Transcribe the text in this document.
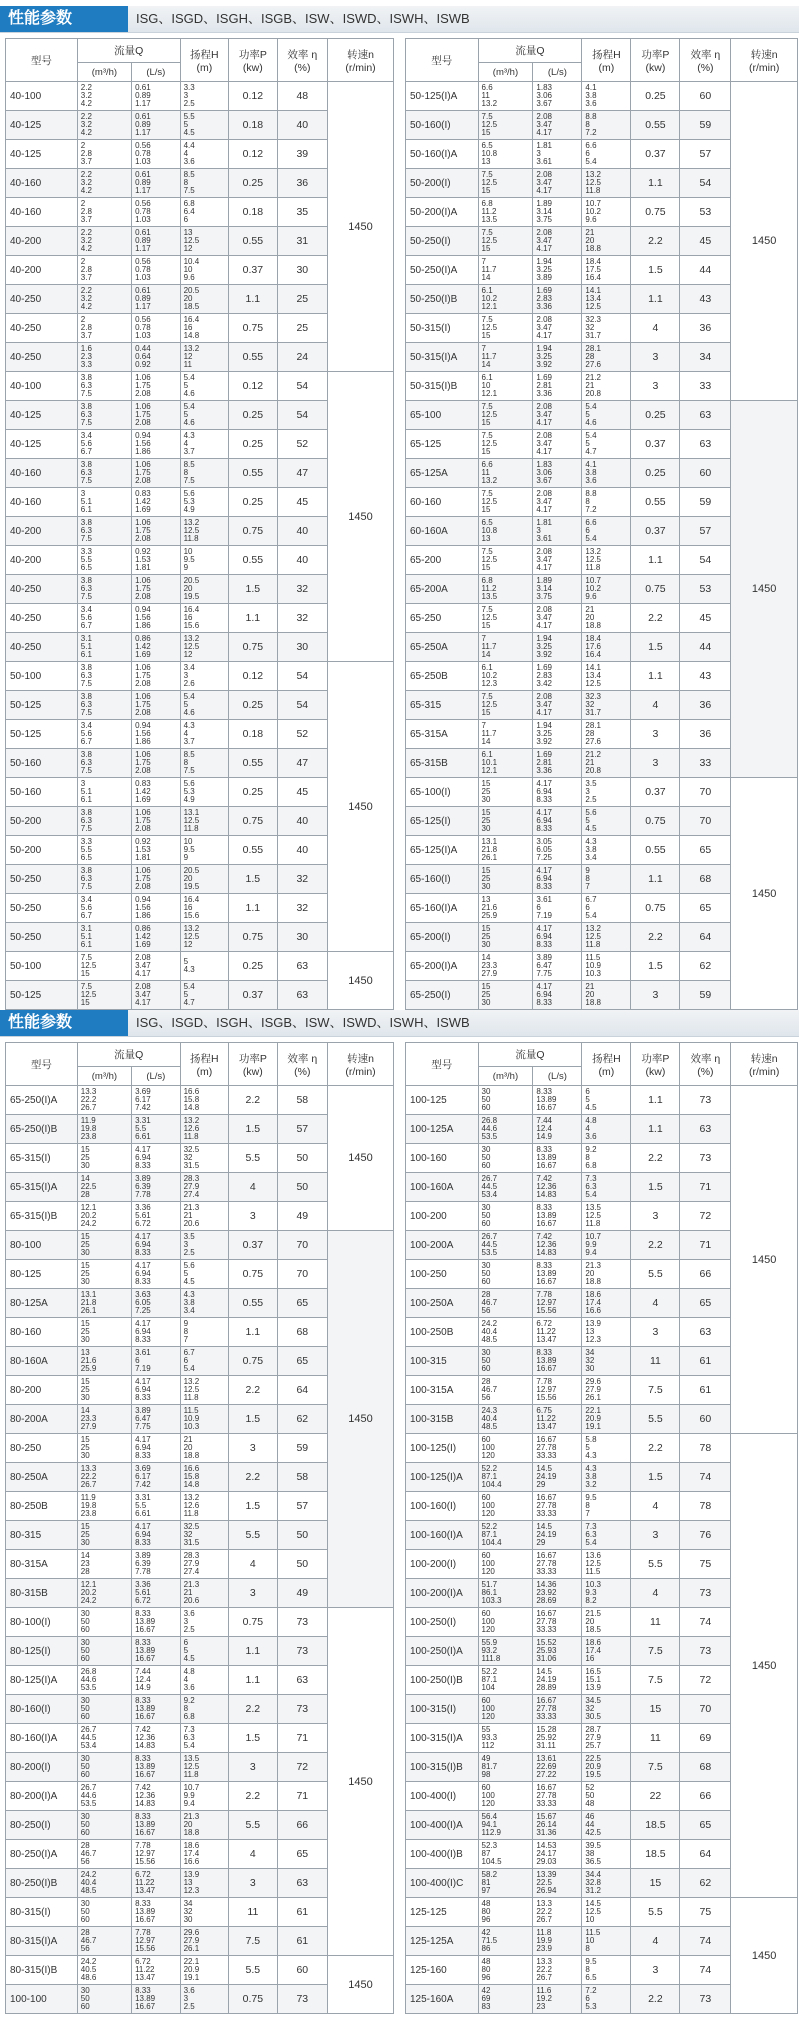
性能参数	ISG、ISGD、ISGH、ISGB、ISW、ISWD、ISWH、ISWB
型号	流量Q		扬程H
(m)	功率P
(kw)	效率 η
(%)	转速n
(r/min)
	(m³/h)	(L/s)				
40-100	2.2
3.2
4.2	0.61
0.89
1.17	3.3
3
2.5	0.12	48	1450
40-125	2.2
3.2
4.2	0.61
0.89
1.17	5.5
5
4.5	0.18	40	
40-125	2
2.8
3.7	0.56
0.78
1.03	4.4
4
3.6	0.12	39	
40-160	2.2
3.2
4.2	0.61
0.89
1.17	8.5
8
7.5	0.25	36	
40-160	2
2.8
3.7	0.56
0.78
1.03	6.8
6.4
6	0.18	35	
40-200	2.2
3.2
4.2	0.61
0.89
1.17	13
12.5
12	0.55	31	
40-200	2
2.8
3.7	0.56
0.78
1.03	10.4
10
9.6	0.37	30	
40-250	2.2
3.2
4.2	0.61
0.89
1.17	20.5
20
18.5	1.1	25	
40-250	2
2.8
3.7	0.56
0.78
1.03	16.4
16
14.8	0.75	25	
40-250	1.6
2.3
3.3	0.44
0.64
0.92	13.2
12
11	0.55	24	
40-100	3.8
6.3
7.5	1.06
1.75
2.08	5.4
5
4.6	0.12	54	1450
40-125	3.8
6.3
7.5	1.06
1.75
2.08	5.4
5
4.6	0.25	54	
40-125	3.4
5.6
6.7	0.94
1.56
1.86	4.3
4
3.7	0.25	52	
40-160	3.8
6.3
7.5	1.06
1.75
2.08	8.5
8
7.5	0.55	47	
40-160	3
5.1
6.1	0.83
1.42
1.69	5.6
5.3
4.9	0.25	45	
40-200	3.8
6.3
7.5	1.06
1.75
2.08	13.2
12.5
11.8	0.75	40	
40-200	3.3
5.5
6.5	0.92
1.53
1.81	10
9.5
9	0.55	40	
40-250	3.8
6.3
7.5	1.06
1.75
2.08	20.5
20
19.5	1.5	32	
40-250	3.4
5.6
6.7	0.94
1.56
1.86	16.4
16
15.6	1.1	32	
40-250	3.1
5.1
6.1	0.86
1.42
1.69	13.2
12.5
12	0.75	30	
50-100	3.8
6.3
7.5	1.06
1.75
2.08	3.4
3
2.6	0.12	54	1450
50-125	3.8
6.3
7.5	1.06
1.75
2.08	5.4
5
4.6	0.25	54	
50-125	3.4
5.6
6.7	0.94
1.56
1.86	4.3
4
3.7	0.18	52	
50-160	3.8
6.3
7.5	1.06
1.75
2.08	8.5
8
7.5	0.55	47	
50-160	3
5.1
6.1	0.83
1.42
1.69	5.6
5.3
4.9	0.25	45	
50-200	3.8
6.3
7.5	1.06
1.75
2.08	13.1
12.5
11.8	0.75	40	
50-200	3.3
5.5
6.5	0.92
1.53
1.81	10
9.5
9	0.55	40	
50-250	3.8
6.3
7.5	1.06
1.75
2.08	20.5
20
19.5	1.5	32	
50-250	3.4
5.6
6.7	0.94
1.56
1.86	16.4
16
15.6	1.1	32	
50-250	3.1
5.1
6.1	0.86
1.42
1.69	13.2
12.5
12	0.75	30	
50-100	7.5
12.5
15	2.08
3.47
4.17	5
4.3	0.25	63	1450
50-125	7.5
12.5
15	2.08
3.47
4.17	5.4
5
4.7	0.37	63	
型号	流量Q		扬程H
(m)	功率P
(kw)	效率 η
(%)	转速n
(r/min)
	(m³/h)	(L/s)				
50-125(I)A	6.6
11
13.2	1.83
3.06
3.67	4.1
3.8
3.6	0.25	60	1450
50-160(I)	7.5
12.5
15	2.08
3.47
4.17	8.8
8
7.2	0.55	59	
50-160(I)A	6.5
10.8
13	1.81
3
3.61	6.6
6
5.4	0.37	57	
50-200(I)	7.5
12.5
15	2.08
3.47
4.17	13.2
12.5
11.8	1.1	54	
50-200(I)A	6.8
11.2
13.5	1.89
3.14
3.75	10.7
10.2
9.6	0.75	53	
50-250(I)	7.5
12.5
15	2.08
3.47
4.17	21
20
18.8	2.2	45	
50-250(I)A	7
11.7
14	1.94
3.25
3.89	18.4
17.5
16.4	1.5	44	
50-250(I)B	6.1
10.2
12.1	1.69
2.83
3.36	14.1
13.4
12.5	1.1	43	
50-315(I)	7.5
12.5
15	2.08
3.47
4.17	32.3
32
31.7	4	36	
50-315(I)A	7
11.7
14	1.94
3.25
3.92	28.1
28
27.6	3	34	
50-315(I)B	6.1
10
12.1	1.69
2.81
3.36	21.2
21
20.8	3	33	
65-100	7.5
12.5
15	2.08
3.47
4.17	5.4
5
4.6	0.25	63	1450
65-125	7.5
12.5
15	2.08
3.47
4.17	5.4
5
4.7	0.37	63	
65-125A	6.6
11
13.2	1.83
3.06
3.67	4.1
3.8
3.6	0.25	60	
60-160	7.5
12.5
15	2.08
3.47
4.17	8.8
8
7.2	0.55	59	
60-160A	6.5
10.8
13	1.81
3
3.61	6.6
6
5.4	0.37	57	
65-200	7.5
12.5
15	2.08
3.47
4.17	13.2
12.5
11.8	1.1	54	
65-200A	6.8
11.2
13.5	1.89
3.14
3.75	10.7
10.2
9.6	0.75	53	
65-250	7.5
12.5
15	2.08
3.47
4.17	21
20
18.8	2.2	45	
65-250A	7
11.7
14	1.94
3.25
3.92	18.4
17.6
16.4	1.5	44	
65-250B	6.1
10.2
12.3	1.69
2.83
3.42	14.1
13.4
12.5	1.1	43	
65-315	7.5
12.5
15	2.08
3.47
4.17	32.3
32
31.7	4	36	
65-315A	7
11.7
14	1.94
3.25
3.92	28.1
28
27.6	3	36	
65-315B	6.1
10.1
12.1	1.69
2.81
3.36	21.2
21
20.8	3	33	
65-100(I)	15
25
30	4.17
6.94
8.33	3.5
3
2.5	0.37	70	1450
65-125(I)	15
25
30	4.17
6.94
8.33	5.6
5
4.5	0.75	70	
65-125(I)A	13.1
21.8
26.1	3.05
6.05
7.25	4.3
3.8
3.4	0.55	65	
65-160(I)	15
25
30	4.17
6.94
8.33	9
8
7	1.1	68	
65-160(I)A	13
21.6
25.9	3.61
6
7.19	6.7
6
5.4	0.75	65	
65-200(I)	15
25
30	4.17
6.94
8.33	13.2
12.5
11.8	2.2	64	
65-200(I)A	14
23.3
27.9	3.89
6.47
7.75	11.5
10.9
10.3	1.5	62	
65-250(I)	15
25
30	4.17
6.94
8.33	21
20
18.8	3	59	
性能参数	ISG、ISGD、ISGH、ISGB、ISW、ISWD、ISWH、ISWB
型号	流量Q		扬程H
(m)	功率P
(kw)	效率 η
(%)	转速n
(r/min)
	(m³/h)	(L/s)				
65-250(I)A	13.3
22.2
26.7	3.69
6.17
7.42	16.6
15.8
14.8	2.2	58	1450
65-250(I)B	11.9
19.8
23.8	3.31
5.5
6.61	13.2
12.6
11.8	1.5	57	
65-315(I)	15
25
30	4.17
6.94
8.33	32.5
32
31.5	5.5	50	
65-315(I)A	14
22.5
28	3.89
6.39
7.78	28.3
27.9
27.4	4	50	
65-315(I)B	12.1
20.2
24.2	3.36
5.61
6.72	21.3
21
20.6	3	49	
80-100	15
25
30	4.17
6.94
8.33	3.5
3
2.5	0.37	70	1450
80-125	15
25
30	4.17
6.94
8.33	5.6
5
4.5	0.75	70	
80-125A	13.1
21.8
26.1	3.63
6.05
7.25	4.3
3.8
3.4	0.55	65	
80-160	15
25
30	4.17
6.94
8.33	9
8
7	1.1	68	
80-160A	13
21.6
25.9	3.61
6
7.19	6.7
6
5.4	0.75	65	
80-200	15
25
30	4.17
6.94
8.33	13.2
12.5
11.8	2.2	64	
80-200A	14
23.3
27.9	3.89
6.47
7.75	11.5
10.9
10.3	1.5	62	
80-250	15
25
30	4.17
6.94
8.33	21
20
18.8	3	59	
80-250A	13.3
22.2
26.7	3.69
6.17
7.42	16.6
15.8
14.8	2.2	58	
80-250B	11.9
19.8
23.8	3.31
5.5
6.61	13.2
12.6
11.8	1.5	57	
80-315	15
25
30	4.17
6.94
8.33	32.5
32
31.5	5.5	50	
80-315A	14
23
28	3.89
6.39
7.78	28.3
27.9
27.4	4	50	
80-315B	12.1
20.2
24.2	3.36
5.61
6.72	21.3
21
20.6	3	49	
80-100(I)	30
50
60	8.33
13.89
16.67	3.6
3
2.5	0.75	73	1450
80-125(I)	30
50
60	8.33
13.89
16.67	6
5
4.5	1.1	73	
80-125(I)A	26.8
44.6
53.5	7.44
12.4
14.9	4.8
4
3.6	1.1	63	
80-160(I)	30
50
60	8.33
13.89
16.67	9.2
8
6.8	2.2	73	
80-160(I)A	26.7
44.5
53.4	7.42
12.36
14.83	7.3
6.3
5.4	1.5	71	
80-200(I)	30
50
60	8.33
13.89
16.67	13.5
12.5
11.8	3	72	
80-200(I)A	26.7
44.6
53.5	7.42
12.36
14.83	10.7
9.9
9.4	2.2	71	
80-250(I)	30
50
60	8.33
13.89
16.67	21.3
20
18.8	5.5	66	
80-250(I)A	28
46.7
56	7.78
12.97
15.56	18.6
17.4
16.6	4	65	
80-250(I)B	24.2
40.4
48.5	6.72
11.22
13.47	13.9
13
12.3	3	63	
80-315(I)	30
50
60	8.33
13.89
16.67	34
32
30	11	61	
80-315(I)A	28
46.7
56	7.78
12.97
15.56	29.6
27.9
26.1	7.5	61	
80-315(I)B	24.2
40.5
48.6	6.72
11.22
13.47	22.1
20.9
19.1	5.5	60	1450
100-100	30
50
60	8.33
13.89
16.67	3.6
3
2.5	0.75	73	
型号	流量Q		扬程H
(m)	功率P
(kw)	效率 η
(%)	转速n
(r/min)
	(m³/h)	(L/s)				
100-125	30
50
60	8.33
13.89
16.67	6
5
4.5	1.1	73	1450
100-125A	26.8
44.6
53.5	7.44
12.4
14.9	4.8
4
3.6	1.1	63	
100-160	30
50
60	8.33
13.89
16.67	9.2
8
6.8	2.2	73	
100-160A	26.7
44.5
53.4	7.42
12.36
14.83	7.3
6.3
5.4	1.5	71	
100-200	30
50
60	8.33
13.89
16.67	13.5
12.5
11.8	3	72	
100-200A	26.7
44.5
53.5	7.42
12.36
14.83	10.7
9.9
9.4	2.2	71	
100-250	30
50
60	8.33
13.89
16.67	21.3
20
18.8	5.5	66	
100-250A	28
46.7
56	7.78
12.97
15.56	18.6
17.4
16.6	4	65	
100-250B	24.2
40.4
48.5	6.72
11.22
13.47	13.9
13
12.3	3	63	
100-315	30
50
60	8.33
13.89
16.67	34
32
30	11	61	
100-315A	28
46.7
56	7.78
12.97
15.56	29.6
27.9
26.1	7.5	61	
100-315B	24.3
40.4
48.5	6.75
11.22
13.47	22.1
20.9
19.1	5.5	60	
100-125(I)	60
100
120	16.67
27.78
33.33	5.8
5
4.3	2.2	78	1450
100-125(I)A	52.2
87.1
104.4	14.5
24.19
29	4.3
3.8
3.2	1.5	74	
100-160(I)	60
100
120	16.67
27.78
33.33	9.5
8
7	4	78	
100-160(I)A	52.2
87.1
104.4	14.5
24.19
29	7.3
6.3
5.4	3	76	
100-200(I)	60
100
120	16.67
27.78
33.33	13.6
12.5
11.5	5.5	75	
100-200(I)A	51.7
86.1
103.3	14.36
23.92
28.69	10.3
9.3
8.2	4	73	
100-250(I)	60
100
120	16.67
27.78
33.33	21.5
20
18.5	11	74	
100-250(I)A	55.9
93.2
111.8	15.52
25.93
31.06	18.6
17.4
16	7.5	73	
100-250(I)B	52.2
87.1
104	14.5
24.19
28.89	16.5
15.1
13.9	7.5	72	
100-315(I)	60
100
120	16.67
27.78
33.33	34.5
32
30.5	15	70	
100-315(I)A	55
93.3
112	15.28
25.92
31.11	28.7
27.9
25.7	11	69	
100-315(I)B	49
81.7
98	13.61
22.69
27.22	22.5
20.9
19.5	7.5	68	
100-400(I)	60
100
120	16.67
27.78
33.33	52
50
48	22	66	
100-400(I)A	56.4
94.1
112.9	15.67
26.14
31.36	46
44
42.5	18.5	65	
100-400(I)B	52.3
87
104.5	14.53
24.17
29.03	39.5
38
36.5	18.5	64	
100-400(I)C	58.2
81
97	13.39
22.5
26.94	34.4
32.8
31.2	15	62	
125-125	48
80
96	13.3
22.2
26.7	14.5
12.5
10	5.5	75	1450
125-125A	42
71.5
86	11.8
19.9
23.9	11.5
10
8	4	74	
125-160	48
80
96	13.3
22.2
26.7	9.5
8
6.5	3	74	
125-160A	42
69
83	11.6
19.2
23	7.2
6
5.3	2.2	73	
